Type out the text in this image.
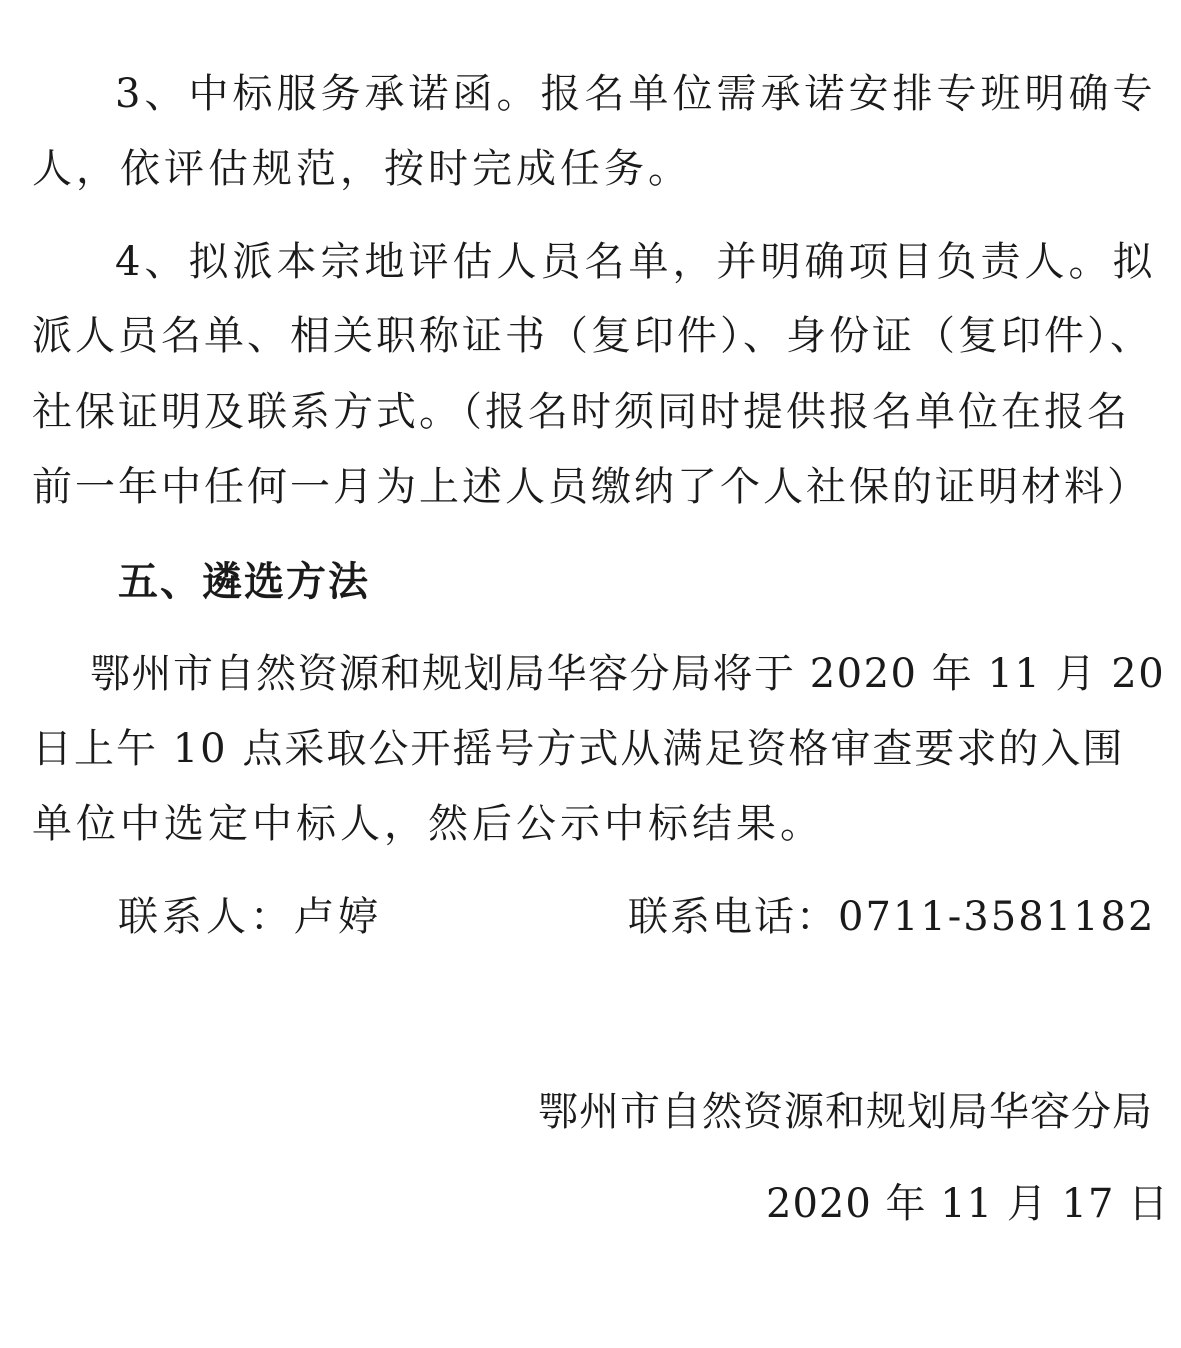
3、中标服务承诺函。报名单位需承诺安排专班明确专
人，依评估规范，按时完成任务。
4、拟派本宗地评估人员名单，并明确项目负责人。拟
派人员名单、相关职称证书（复印件）、身份证（复印件）、
社保证明及联系方式。（报名时须同时提供报名单位在报名
前一年中任何一月为上述人员缴纳了个人社保的证明材料）
五、遴选方法
鄂州市自然资源和规划局华容分局将于 2020 年 11 月 20
日上午 10 点采取公开摇号方式从满足资格审查要求的入围
单位中选定中标人，然后公示中标结果。
联系人：卢婷	联系电话：0711-3581182
鄂州市自然资源和规划局华容分局
2020 年 11 月 17 日
